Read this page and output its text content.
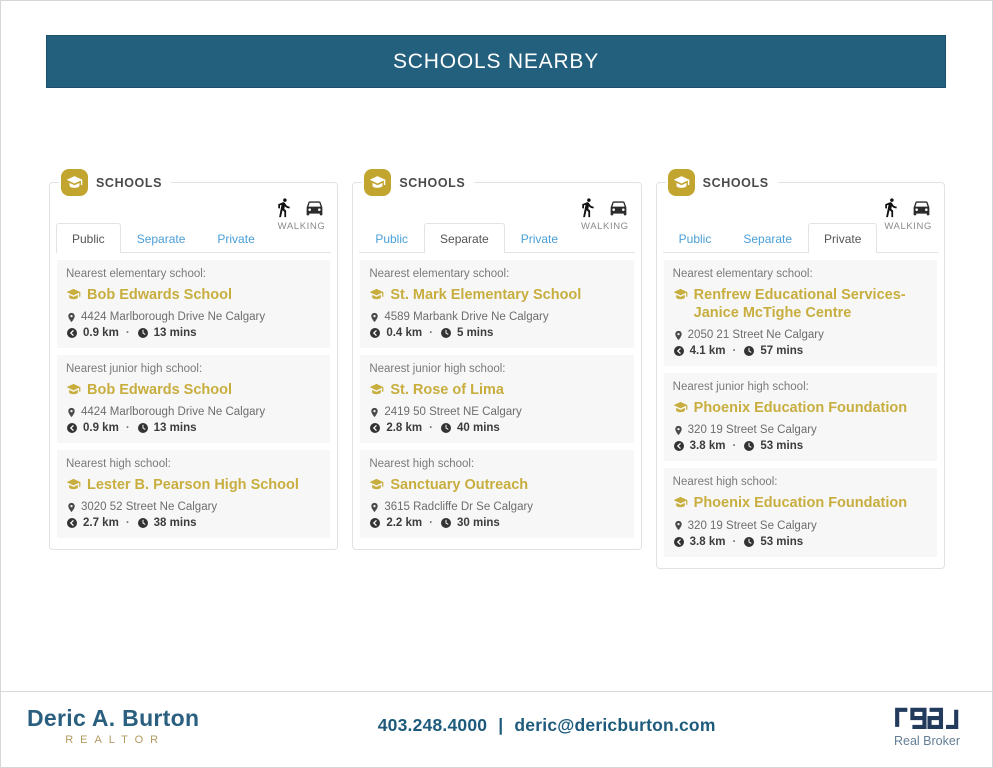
SCHOOLS NEARBY
SCHOOLS
WALKING
Public	Separate	Private
Nearest elementary school:
Bob Edwards School
4424 Marlborough Drive Ne Calgary
0.9 km · 13 mins
Nearest junior high school:
Bob Edwards School
4424 Marlborough Drive Ne Calgary
0.9 km · 13 mins
Nearest high school:
Lester B. Pearson High School
3020 52 Street Ne Calgary
2.7 km · 38 mins
SCHOOLS
WALKING
Public	Separate	Private
Nearest elementary school:
St. Mark Elementary School
4589 Marbank Drive Ne Calgary
0.4 km · 5 mins
Nearest junior high school:
St. Rose of Lima
2419 50 Street NE Calgary
2.8 km · 40 mins
Nearest high school:
Sanctuary Outreach
3615 Radcliffe Dr Se Calgary
2.2 km · 30 mins
SCHOOLS
WALKING
Public	Separate	Private
Nearest elementary school:
Renfrew Educational Services-Janice McTighe Centre
2050 21 Street Ne Calgary
4.1 km · 57 mins
Nearest junior high school:
Phoenix Education Foundation
320 19 Street Se Calgary
3.8 km · 53 mins
Nearest high school:
Phoenix Education Foundation
320 19 Street Se Calgary
3.8 km · 53 mins
Deric A. Burton
REALTOR
403.248.4000 | deric@dericburton.com
Real Broker
